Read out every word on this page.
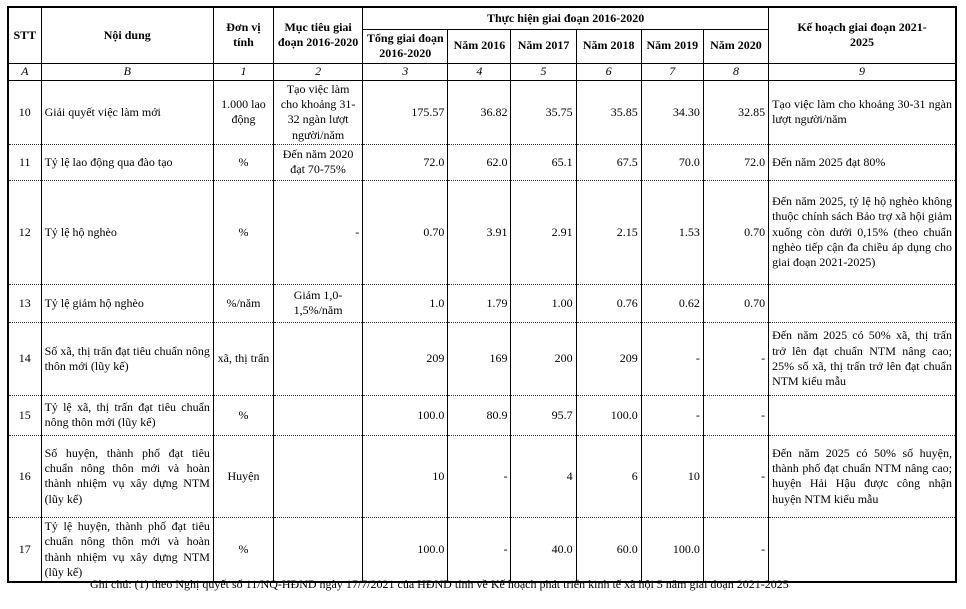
STT	Nội dung	Đơn vị tính	Mục tiêu giai đoạn 2016-2020	Thực hiện giai đoạn 2016-2020						Kế hoạch giai đoạn 2021-2025

				Tổng giai đoạn 2016-2020	Năm 2016	Năm 2017	Năm 2018	Năm 2019	Năm 2020	
A	B	1	2	3	4	5	6	7	8	9
10	Giải quyết việc làm mới	1.000 lao động	Tạo việc làm cho khoảng 31-32 ngàn lượt người/năm	175.57	36.82	35.75	35.85	34.30	32.85	Tạo việc làm cho khoảng 30-31 ngàn lượt người/năm
11	Tỷ lệ lao động qua đào tạo	%	Đến năm 2020 đạt 70-75%	72.0	62.0	65.1	67.5	70.0	72.0	Đến năm 2025 đạt 80%
12	Tỷ lệ hộ nghèo	%	-	0.70	3.91	2.91	2.15	1.53	0.70	Đến năm 2025, tỷ lệ hộ nghèo không thuộc chính sách Bảo trợ xã hội giảm xuống còn dưới 0,15% (theo chuẩn nghèo tiếp cận đa chiều áp dụng cho giai đoạn 2021-2025)
13	Tỷ lệ giảm hộ nghèo	%/năm	Giảm 1,0-1,5%/năm	1.0	1.79	1.00	0.76	0.62	0.70	
14	Số xã, thị trấn đạt tiêu chuẩn nông thôn mới (lũy kế)	xã, thị trấn		209	169	200	209	-	-	Đến năm 2025 có 50% xã, thị trấn trở lên đạt chuẩn NTM nâng cao; 25% số xã, thị trấn trở lên đạt chuẩn NTM kiểu mẫu
15	Tỷ lệ xã, thị trấn đạt tiêu chuẩn nông thôn mới (lũy kế)	%		100.0	80.9	95.7	100.0	-	-	
16	Số huyện, thành phố đạt tiêu chuẩn nông thôn mới và hoàn thành nhiệm vụ xây dựng NTM (lũy kế)	Huyện		10	-	4	6	10	-	Đến năm 2025 có 50% số huyện, thành phố đạt chuẩn NTM nâng cao; huyện Hải Hậu được công nhận huyện NTM kiểu mẫu
17	Tỷ lệ huyện, thành phố đạt tiêu chuẩn nông thôn mới và hoàn thành nhiệm vụ xây dựng NTM (lũy kế)	%		100.0	-	40.0	60.0	100.0	-	
Ghi chú: (1) theo Nghị quyết số 11/NQ-HĐND ngày 17/7/2021 của HĐND tỉnh về Kế hoạch phát triển kinh tế xã hội 5 năm giai đoạn 2021-2025
